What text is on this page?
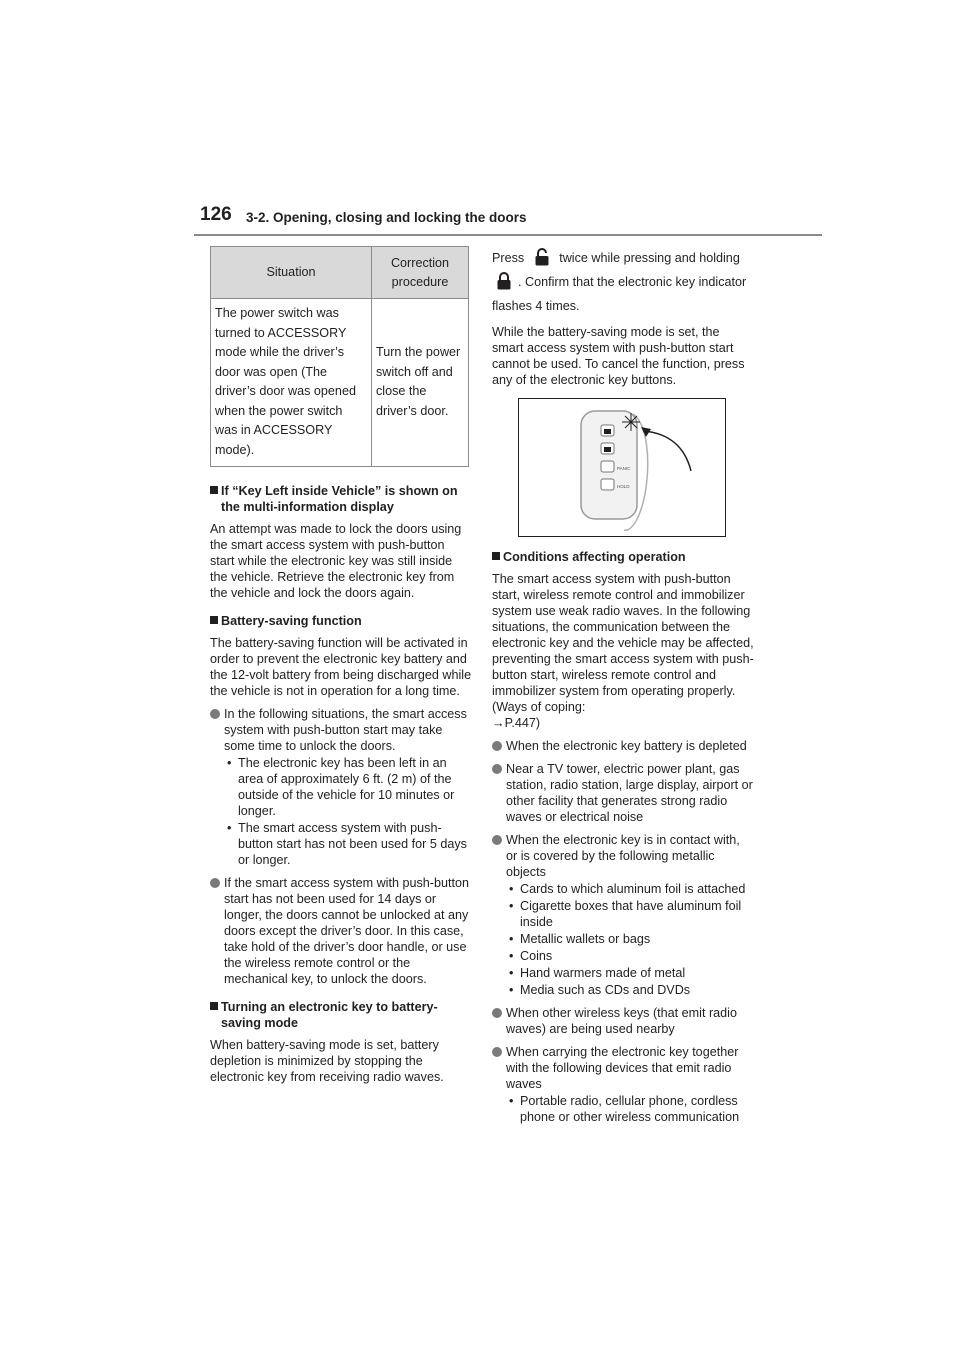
126 3-2. Opening, closing and locking the doors
Situation	Correction procedure
The power switch was turned to ACCESSORY mode while the driver’s door was open (The driver’s door was opened when the power switch was in ACCESSORY mode).	Turn the power switch off and close the driver’s door.
If “Key Left inside Vehicle” is shown on the multi-information display

An attempt was made to lock the doors using the smart access system with push-button start while the electronic key was still inside the vehicle. Retrieve the electronic key from the vehicle and lock the doors again.

Battery-saving function

The battery-saving function will be activated in order to prevent the electronic key battery and the 12-volt battery from being discharged while the vehicle is not in operation for a long time.

In the following situations, the smart access system with push-button start may take some time to unlock the doors.
• The electronic key has been left in an area of approximately 6 ft. (2 m) of the outside of the vehicle for 10 minutes or longer.
• The smart access system with push-button start has not been used for 5 days or longer.
If the smart access system with push-button start has not been used for 14 days or longer, the doors cannot be unlocked at any doors except the driver’s door. In this case, take hold of the driver’s door handle, or use the wireless remote control or the mechanical key, to unlock the doors.
Turning an electronic key to battery-saving mode

When battery-saving mode is set, battery depletion is minimized by stopping the electronic key from receiving radio waves.

Press	twice while pressing and holding
. Confirm that the electronic key indicator flashes 4 times.

While the battery-saving mode is set, the smart access system with push-button start cannot be used. To cancel the function, press any of the electronic key buttons.

PANIC
HOLD
Conditions affecting operation

The smart access system with push-button start, wireless remote control and immobilizer system use weak radio waves. In the following situations, the communication between the electronic key and the vehicle may be affected, preventing the smart access system with push-button start, wireless remote control and immobilizer system from operating properly. (Ways of coping:
→P.447)

When the electronic key battery is depleted
Near a TV tower, electric power plant, gas station, radio station, large display, airport or other facility that generates strong radio waves or electrical noise
When the electronic key is in contact with, or is covered by the following metallic objects
• Cards to which aluminum foil is attached
• Cigarette boxes that have aluminum foil inside
• Metallic wallets or bags
• Coins
• Hand warmers made of metal
• Media such as CDs and DVDs
When other wireless keys (that emit radio waves) are being used nearby
When carrying the electronic key together with the following devices that emit radio waves
• Portable radio, cellular phone, cordless phone or other wireless communication
